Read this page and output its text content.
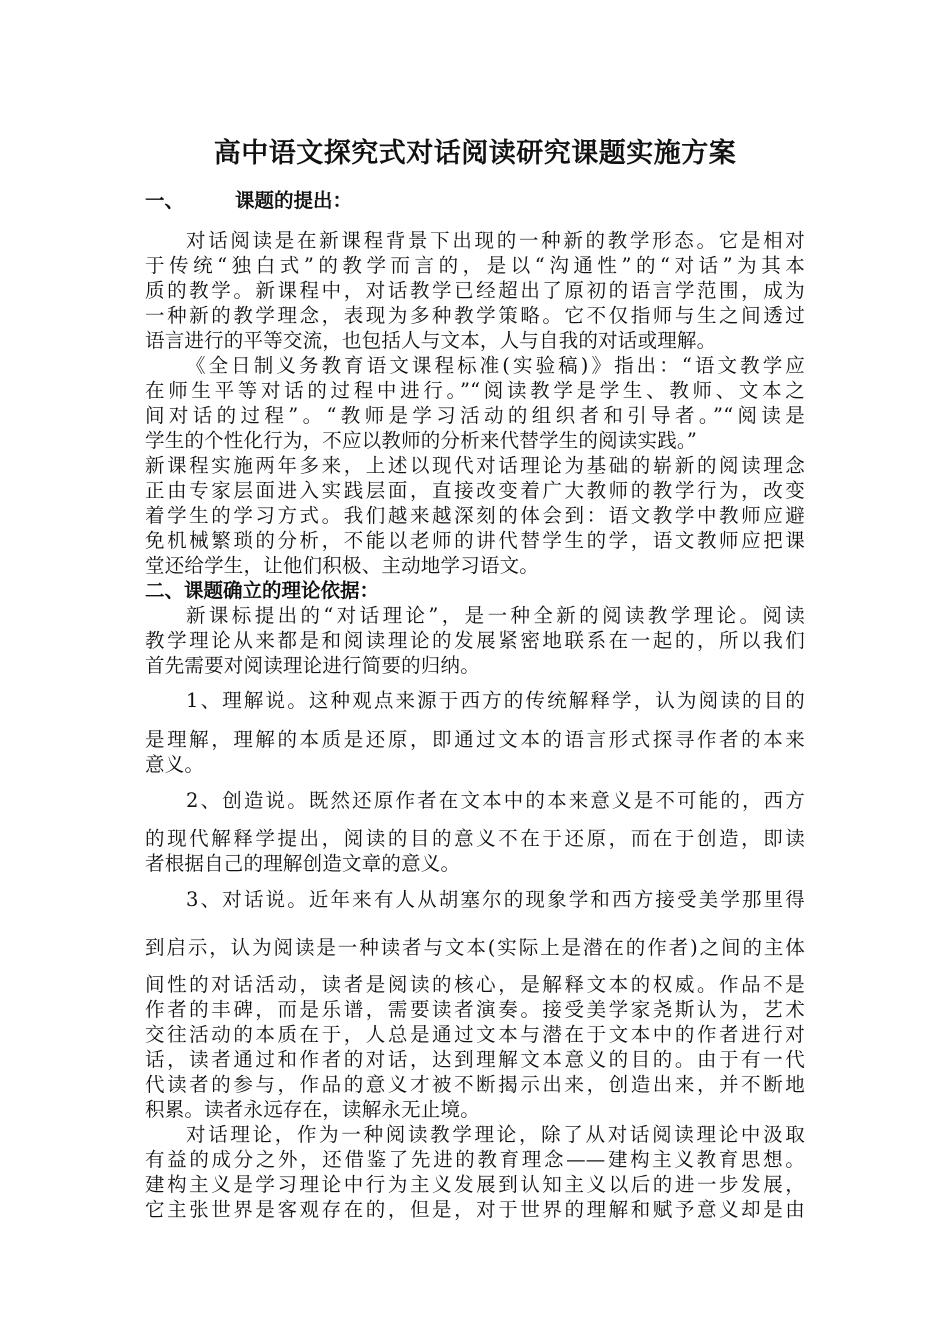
高中语文探究式对话阅读研究课题实施方案
一、	课题的提出：
对话阅读是在新课程背景下出现的一种新的教学形态。它是相对
于传统“独白式”的教学而言的，是以“沟通性”的“对话”为其本
质的教学。新课程中，对话教学已经超出了原初的语言学范围，成为
一种新的教学理念，表现为多种教学策略。它不仅指师与生之间透过
语言进行的平等交流，也包括人与文本，人与自我的对话或理解。
《全日制义务教育语文课程标准(实验稿)》指出：“语文教学应
在师生平等对话的过程中进行。”“阅读教学是学生、教师、文本之
间对话的过程”。“教师是学习活动的组织者和引导者。”“阅读是
学生的个性化行为，不应以教师的分析来代替学生的阅读实践。”
新课程实施两年多来，上述以现代对话理论为基础的崭新的阅读理念
正由专家层面进入实践层面，直接改变着广大教师的教学行为，改变
着学生的学习方式。我们越来越深刻的体会到：语文教学中教师应避
免机械繁琐的分析，不能以老师的讲代替学生的学，语文教师应把课
堂还给学生，让他们积极、主动地学习语文。
二、课题确立的理论依据：
新课标提出的“对话理论”，是一种全新的阅读教学理论。阅读
教学理论从来都是和阅读理论的发展紧密地联系在一起的，所以我们
首先需要对阅读理论进行简要的归纳。
1、理解说。这种观点来源于西方的传统解释学，认为阅读的目的
是理解，理解的本质是还原，即通过文本的语言形式探寻作者的本来
意义。
2、创造说。既然还原作者在文本中的本来意义是不可能的，西方
的现代解释学提出，阅读的目的意义不在于还原，而在于创造，即读
者根据自己的理解创造文章的意义。
3、对话说。近年来有人从胡塞尔的现象学和西方接受美学那里得
到启示，认为阅读是一种读者与文本(实际上是潜在的作者)之间的主体
间性的对话活动，读者是阅读的核心，是解释文本的权威。作品不是
作者的丰碑，而是乐谱，需要读者演奏。接受美学家尧斯认为，艺术
交往活动的本质在于，人总是通过文本与潜在于文本中的作者进行对
话，读者通过和作者的对话，达到理解文本意义的目的。由于有一代
代读者的参与，作品的意义才被不断揭示出来，创造出来，并不断地
积累。读者永远存在，读解永无止境。
对话理论，作为一种阅读教学理论，除了从对话阅读理论中汲取
有益的成分之外，还借鉴了先进的教育理念——建构主义教育思想。
建构主义是学习理论中行为主义发展到认知主义以后的进一步发展，
它主张世界是客观存在的，但是，对于世界的理解和赋予意义却是由
